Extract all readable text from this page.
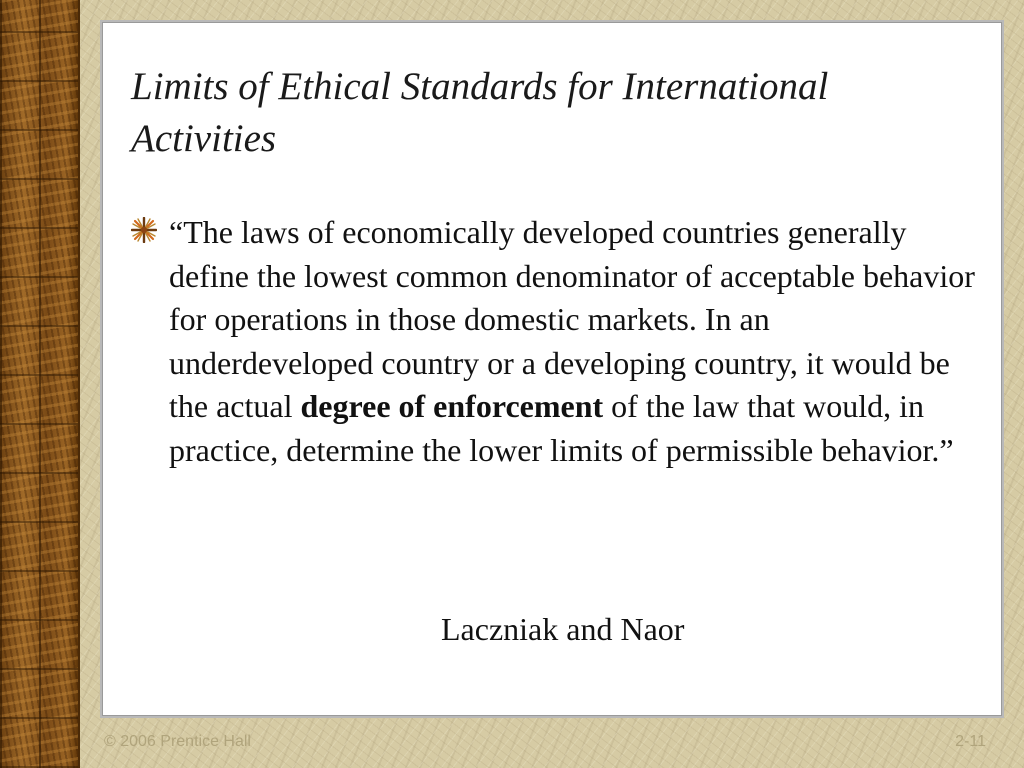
Limits of Ethical Standards for International Activities
“The laws of economically developed countries generally define the lowest common denominator of acceptable behavior for operations in those domestic markets. In an underdeveloped country or a developing country, it would be the actual degree of enforcement of the law that would, in practice, determine the lower limits of permissible behavior.”

Laczniak and Naor

© 2006 Prentice Hall	2-11
